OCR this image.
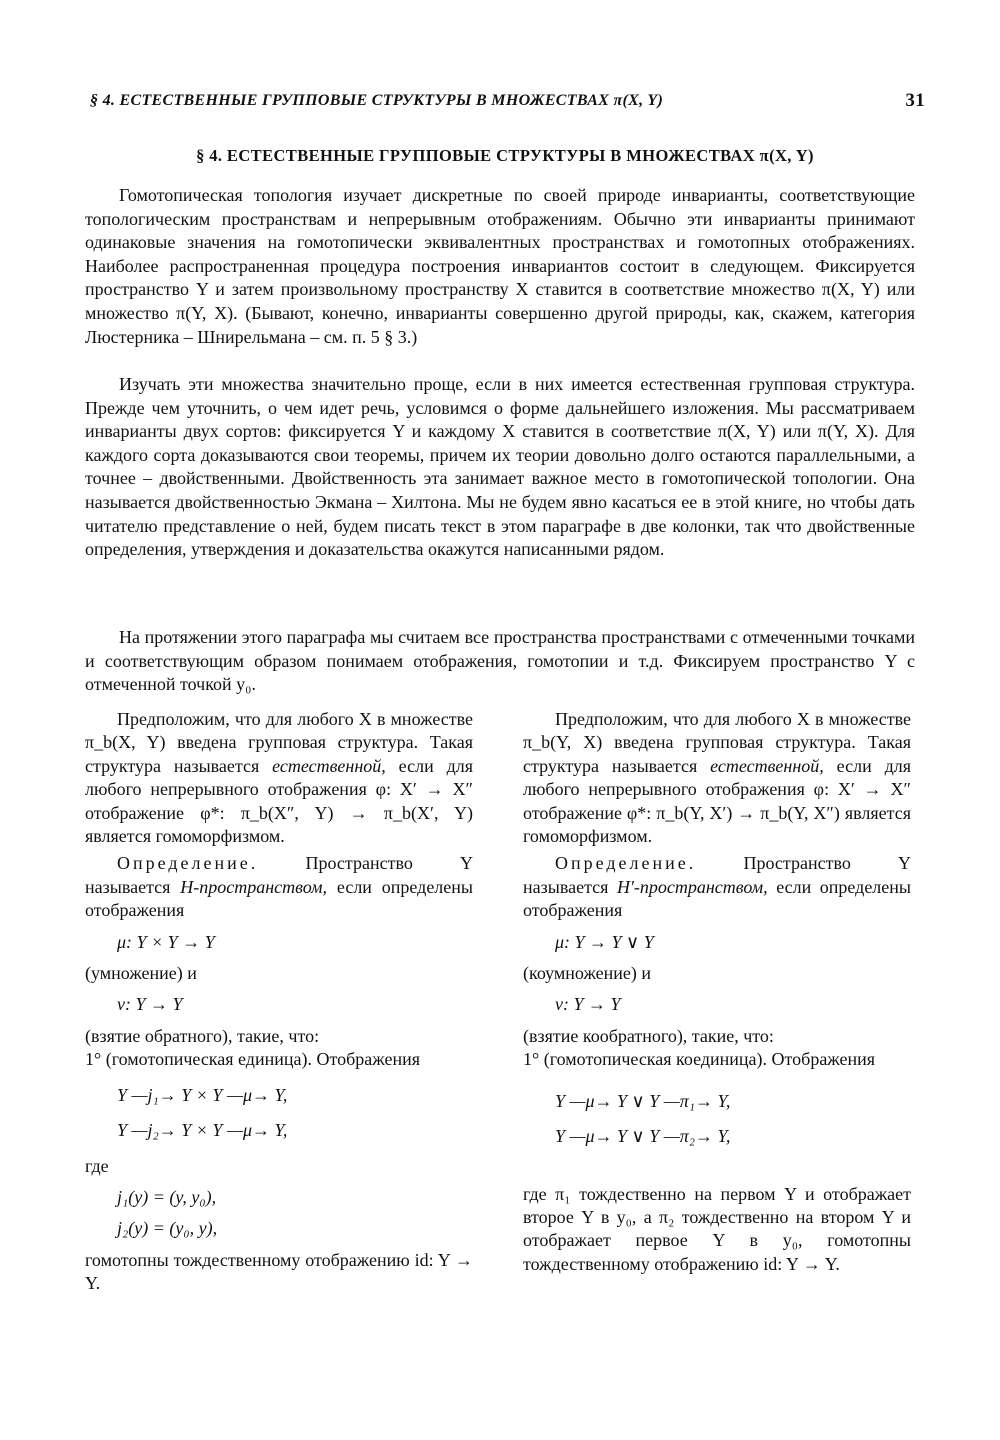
§ 4. ЕСТЕСТВЕННЫЕ ГРУППОВЫЕ СТРУКТУРЫ В МНОЖЕСТВАХ π(X, Y)	31
§ 4. ЕСТЕСТВЕННЫЕ ГРУППОВЫЕ СТРУКТУРЫ В МНОЖЕСТВАХ π(X, Y)

Гомотопическая топология изучает дискретные по своей природе инварианты, соответствующие топологическим пространствам и непрерывным отображениям. Обычно эти инварианты принимают одинаковые значения на гомотопически эквивалентных пространствах и гомотопных отображениях. Наиболее распространенная процедура построения инвариантов состоит в следующем. Фиксируется пространство Y и затем произвольному пространству X ставится в соответствие множество π(X, Y) или множество π(Y, X). (Бывают, конечно, инварианты совершенно другой природы, как, скажем, категория Люстерника – Шнирельмана – см. п. 5 § 3.)

Изучать эти множества значительно проще, если в них имеется естественная групповая структура. Прежде чем уточнить, о чем идет речь, условимся о форме дальнейшего изложения. Мы рассматриваем инварианты двух сортов: фиксируется Y и каждому X ставится в соответствие π(X, Y) или π(Y, X). Для каждого сорта доказываются свои теоремы, причем их теории довольно долго остаются параллельными, а точнее – двойственными. Двойственность эта занимает важное место в гомотопической топологии. Она называется двойственностью Экмана – Хилтона. Мы не будем явно касаться ее в этой книге, но чтобы дать читателю представление о ней, будем писать текст в этом параграфе в две колонки, так что двойственные определения, утверждения и доказательства окажутся написанными рядом.

На протяжении этого параграфа мы считаем все пространства пространствами с отмеченными точками и соответствующим образом понимаем отображения, гомотопии и т.д. Фиксируем пространство Y с отмеченной точкой y₀.

Предположим, что для любого X в множестве π_b(X, Y) введена групповая структура. Такая структура называется естественной, если для любого непрерывного отображения φ: X′ → X″ отображение φ*: π_b(X″, Y) → π_b(X′, Y) является гомоморфизмом.

Определение.	Пространство Y называется H-пространством, если определены отображения

μ: Y × Y → Y
(умножение) и
ν: Y → Y
(взятие обратного), такие, что:

1° (гомотопическая единица). Отображения

Y —j₁→ Y × Y —μ→ Y,
Y —j₂→ Y × Y —μ→ Y,
где
j₁(y) = (y, y₀),
j₂(y) = (y₀, y),

гомотопны тождественному отображению id: Y → Y.

Предположим, что для любого X в множестве π_b(Y, X) введена групповая структура. Такая структура называется естественной, если для любого непрерывного отображения φ: X′ → X″ отображение φ*: π_b(Y, X′) → π_b(Y, X″) является гомоморфизмом.

Определение.	Пространство Y называется H′-пространством, если определены отображения

μ: Y → Y ∨ Y
(коумножение) и
ν: Y → Y
(взятие кообратного), такие, что:

1° (гомотопическая коединица). Отображения

Y —μ→ Y ∨ Y —π₁→ Y,
Y —μ→ Y ∨ Y —π₂→ Y,

где π₁ тождественно на первом Y и отображает второе Y в y₀, а π₂ тождественно на втором Y и отображает первое Y в y₀, гомотопны тождественному отображению id: Y → Y.
